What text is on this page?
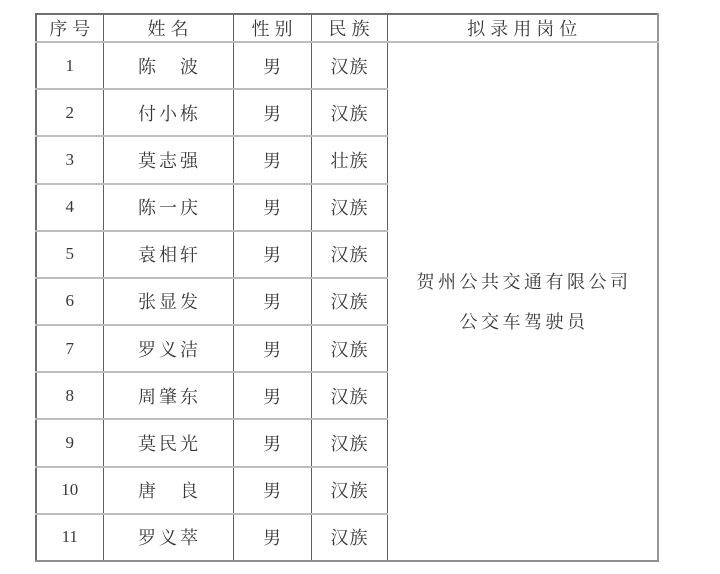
序号	姓名	性别	民族	拟录用岗位
1	陈　波	男	汉族	贺州公共交通有限公司
公交车驾驶员

2	付小栋	男	汉族	
3	莫志强	男	壮族	
4	陈一庆	男	汉族	
5	袁相轩	男	汉族	
6	张显发	男	汉族	
7	罗义洁	男	汉族	
8	周肇东	男	汉族	
9	莫民光	男	汉族	
10	唐　良	男	汉族	
11	罗义萃	男	汉族	
